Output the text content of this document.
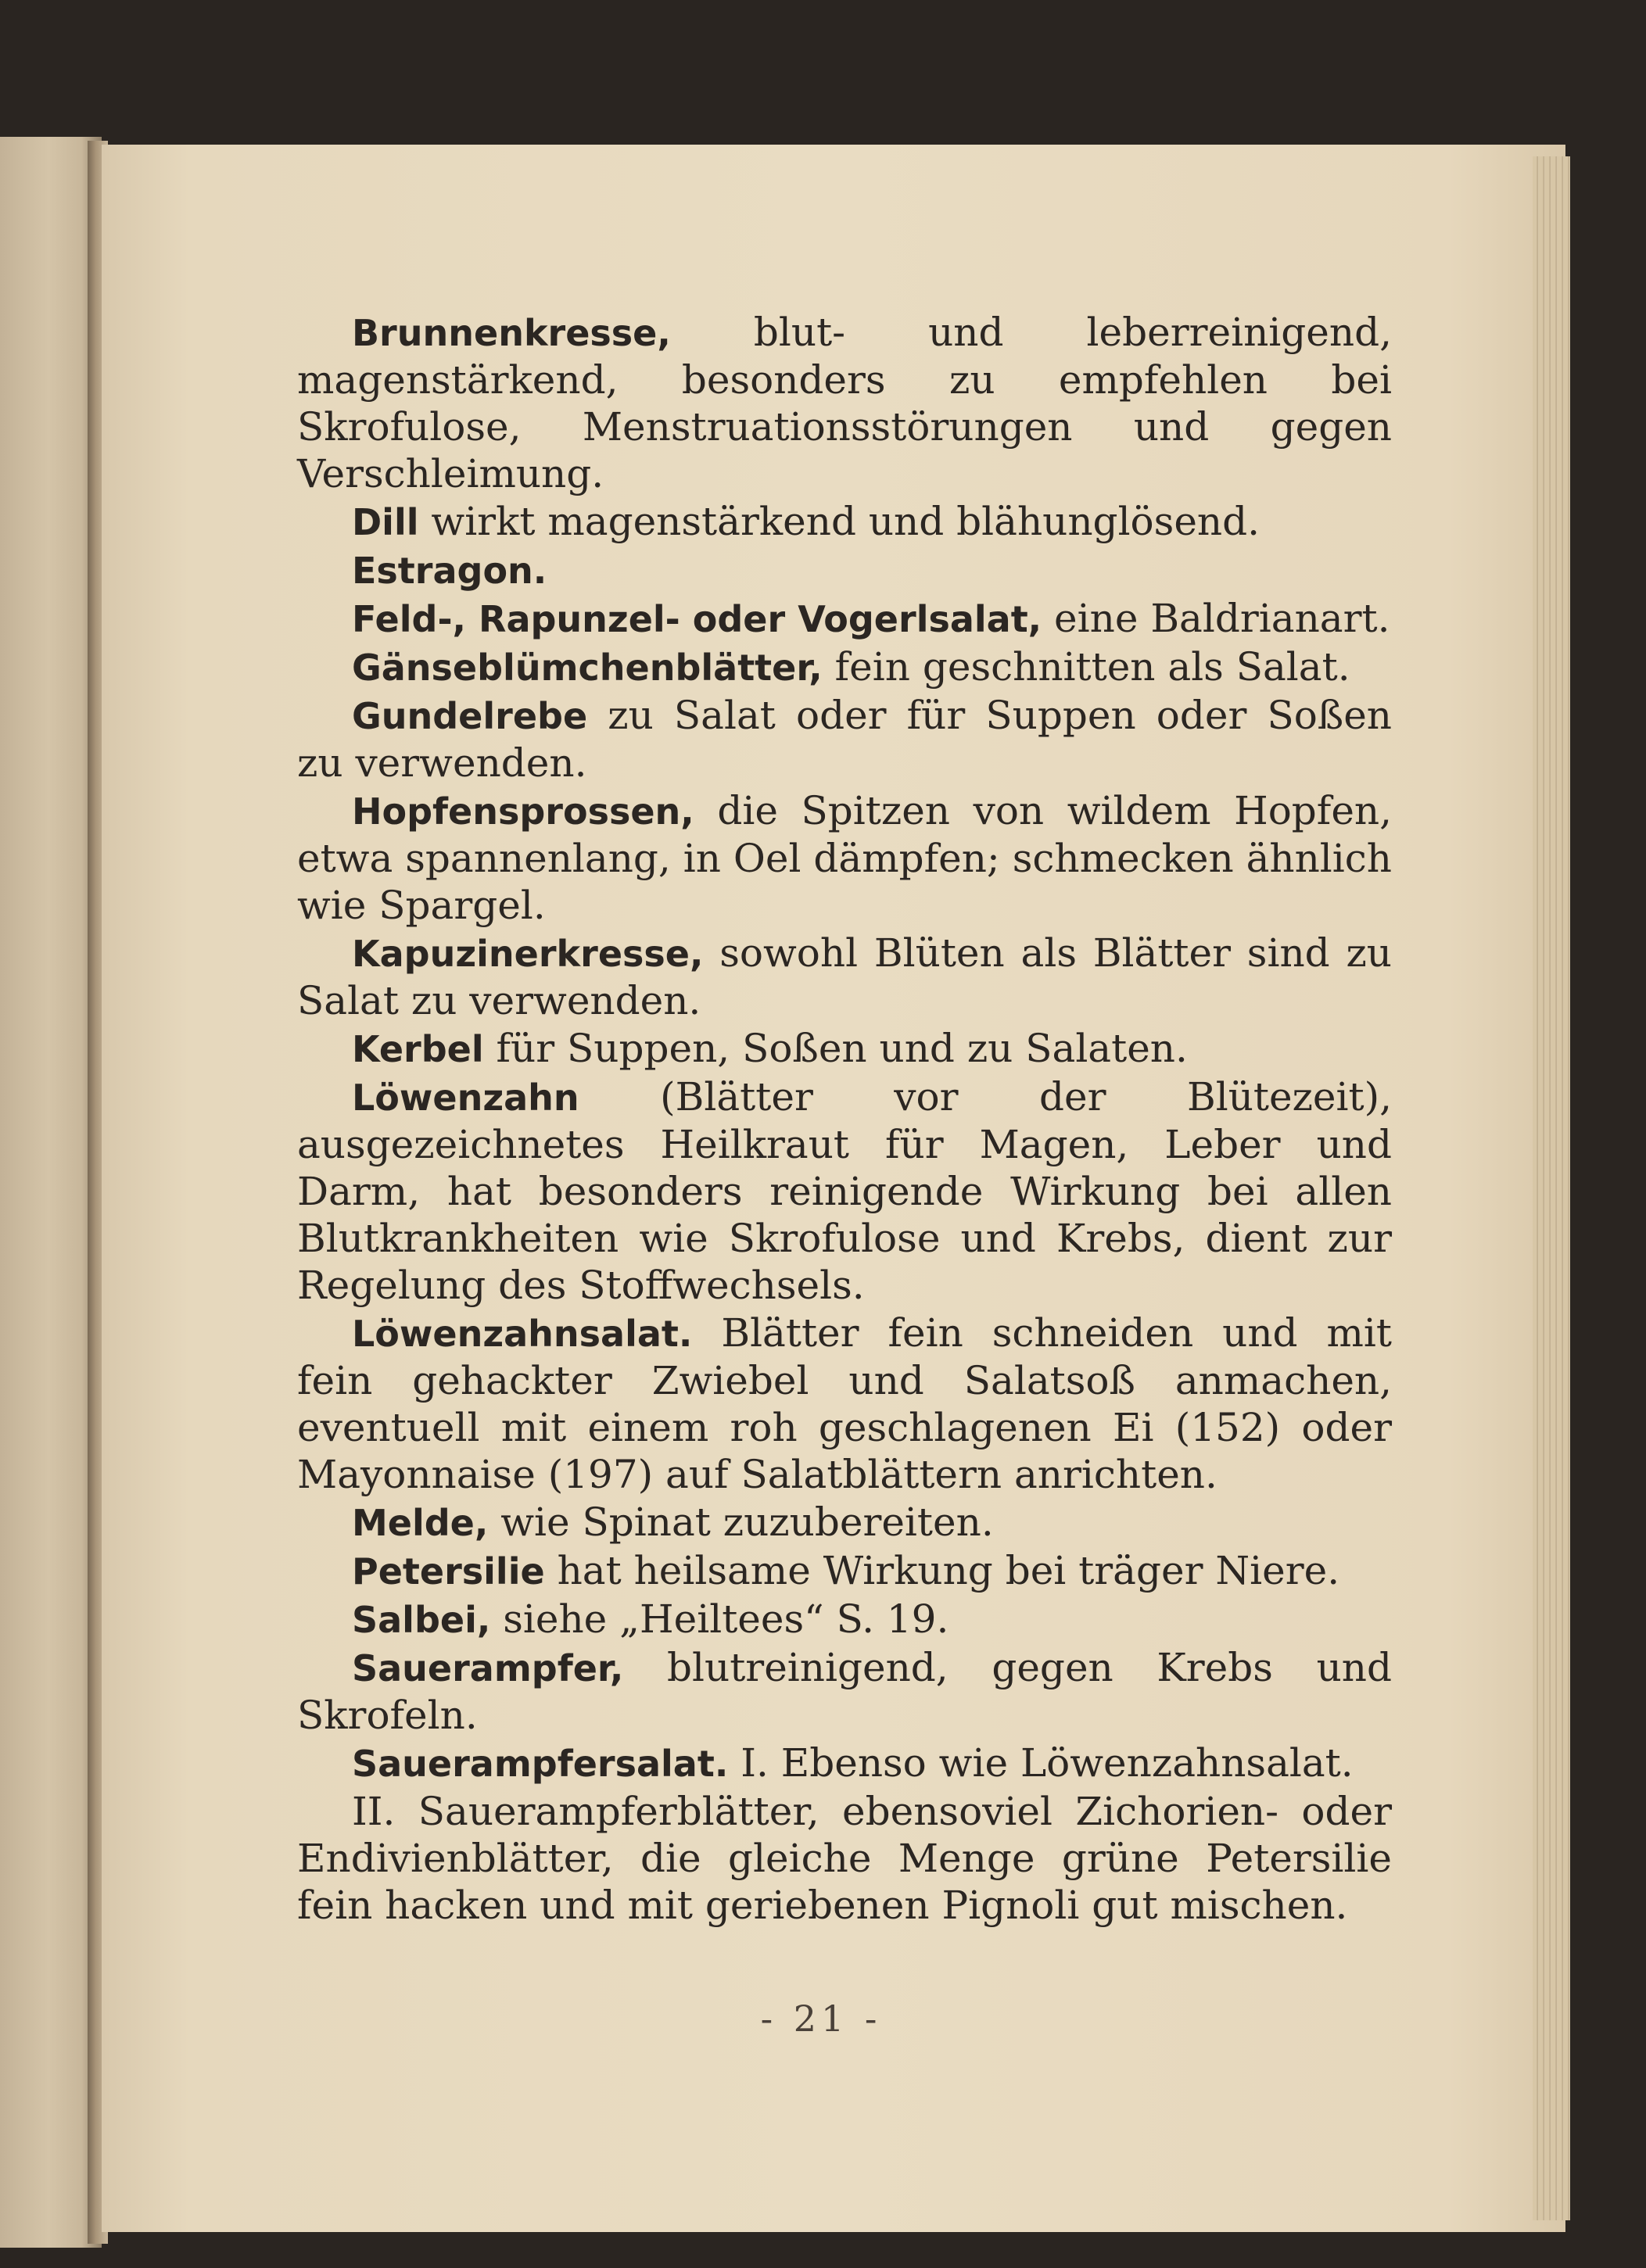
Brunnenkresse, blut- und leberreinigend, magenstärkend, besonders zu empfehlen bei Skrofulose, Menstruationsstörungen und gegen Verschleimung.
Dill wirkt magenstärkend und blähunglösend.
Estragon.
Feld-, Rapunzel- oder Vogerlsalat, eine Baldrianart.
Gänseblümchenblätter, fein geschnitten als Salat.
Gundelrebe zu Salat oder für Suppen oder Soßen zu verwenden.
Hopfensprossen, die Spitzen von wildem Hopfen, etwa spannenlang, in Oel dämpfen; schmecken ähnlich wie Spargel.
Kapuzinerkresse, sowohl Blüten als Blätter sind zu Salat zu verwenden.
Kerbel für Suppen, Soßen und zu Salaten.
Löwenzahn (Blätter vor der Blütezeit), ausgezeichnetes Heilkraut für Magen, Leber und Darm, hat besonders reinigende Wirkung bei allen Blutkrankheiten wie Skrofulose und Krebs, dient zur Regelung des Stoffwechsels.
Löwenzahnsalat. Blätter fein schneiden und mit fein gehackter Zwiebel und Salatsoß anmachen, eventuell mit einem roh geschlagenen Ei (152) oder Mayonnaise (197) auf Salatblättern anrichten.
Melde, wie Spinat zuzubereiten.
Petersilie hat heilsame Wirkung bei träger Niere.
Salbei, siehe „Heiltees“ S. 19.
Sauerampfer, blutreinigend, gegen Krebs und Skrofeln.
Sauerampfersalat. I. Ebenso wie Löwenzahnsalat.
II. Sauerampferblätter, ebensoviel Zichorien- oder Endivienblätter, die gleiche Menge grüne Petersilie fein hacken und mit geriebenen Pignoli gut mischen.
- 21 -
